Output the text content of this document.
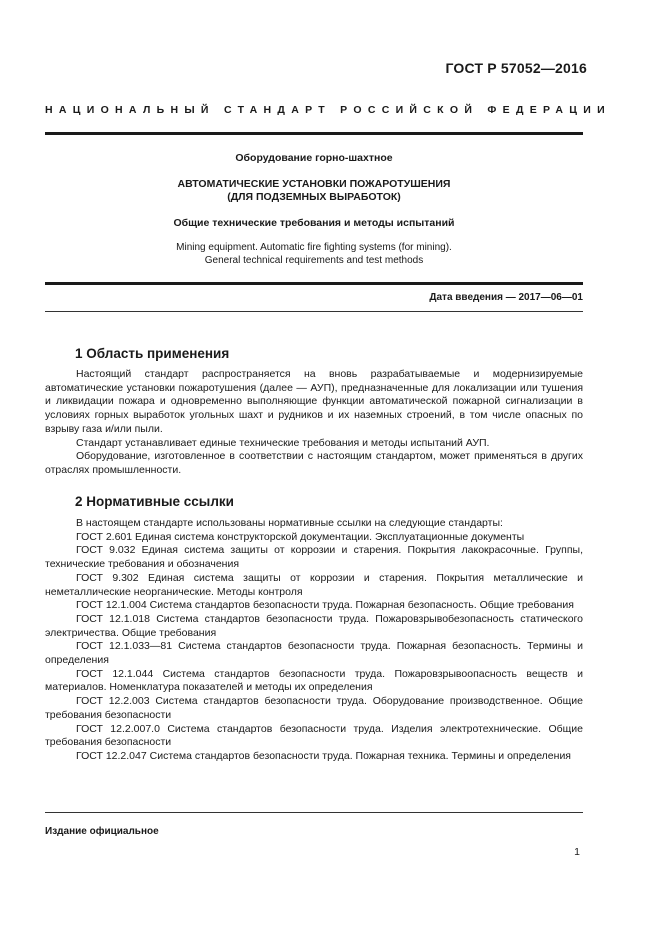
ГОСТ Р 57052—2016
НАЦИОНАЛЬНЫЙ СТАНДАРТ РОССИЙСКОЙ ФЕДЕРАЦИИ
Оборудование горно-шахтное
АВТОМАТИЧЕСКИЕ УСТАНОВКИ ПОЖАРОТУШЕНИЯ
(ДЛЯ ПОДЗЕМНЫХ ВЫРАБОТОК)
Общие технические требования и методы испытаний
Mining equipment. Automatic fire fighting systems (for mining).
General technical requirements and test methods
Дата введения — 2017—06—01
1 Область применения

Настоящий стандарт распространяется на вновь разрабатываемые и модернизируемые автоматические установки пожаротушения (далее — АУП), предназначенные для локализации или тушения и ликвидации пожара и одновременно выполняющие функции автоматической пожарной сигнализации в условиях горных выработок угольных шахт и рудников и их наземных строений, в том числе опасных по взрыву газа и/или пыли.

Стандарт устанавливает единые технические требования и методы испытаний АУП.

Оборудование, изготовленное в соответствии с настоящим стандартом, может применяться в других отраслях промышленности.

2 Нормативные ссылки

В настоящем стандарте использованы нормативные ссылки на следующие стандарты:

ГОСТ 2.601 Единая система конструкторской документации. Эксплуатационные документы

ГОСТ 9.032 Единая система защиты от коррозии и старения. Покрытия лакокрасочные. Группы, технические требования и обозначения

ГОСТ 9.302 Единая система защиты от коррозии и старения. Покрытия металлические и неметаллические неорганические. Методы контроля

ГОСТ 12.1.004 Система стандартов безопасности труда. Пожарная безопасность. Общие требования

ГОСТ 12.1.018 Система стандартов безопасности труда. Пожаровзрывобезопасность статического электричества. Общие требования

ГОСТ 12.1.033—81 Система стандартов безопасности труда. Пожарная безопасность. Термины и определения

ГОСТ 12.1.044 Система стандартов безопасности труда. Пожаровзрывоопасность веществ и материалов. Номенклатура показателей и методы их определения

ГОСТ 12.2.003 Система стандартов безопасности труда. Оборудование производственное. Общие требования безопасности

ГОСТ 12.2.007.0 Система стандартов безопасности труда. Изделия электротехнические. Общие требования безопасности

ГОСТ 12.2.047 Система стандартов безопасности труда. Пожарная техника. Термины и определения

Издание официальное
1
